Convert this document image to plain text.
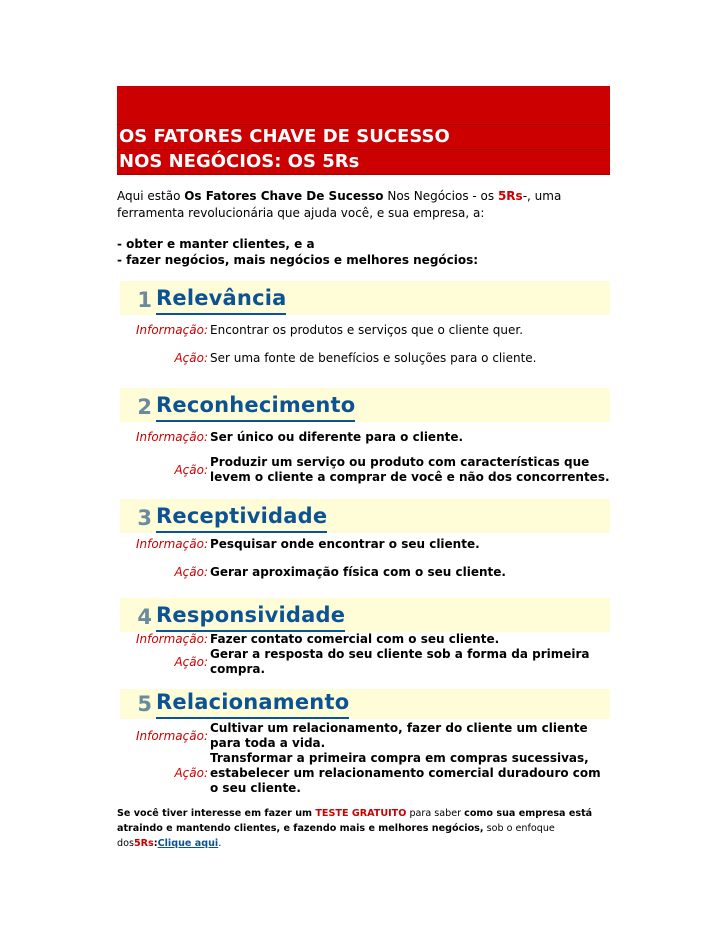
OS FATORES CHAVE DE SUCESSO
NOS NEGÓCIOS: OS 5Rs
Aqui estão Os Fatores Chave De Sucesso Nos Negócios - os 5Rs-, uma ferramenta revolucionária que ajuda você, e sua empresa, a:
- obter e manter clientes, e a
- fazer negócios, mais negócios e melhores negócios:
1 Relevância
Informação: Encontrar os produtos e serviços que o cliente quer.
Ação: Ser uma fonte de benefícios e soluções para o cliente.
2 Reconhecimento
Informação: Ser único ou diferente para o cliente.
Ação:
Produzir um serviço ou produto com características que levem o cliente a comprar de você e não dos concorrentes.
3 Receptividade
Informação: Pesquisar onde encontrar o seu cliente.
Ação: Gerar aproximação física com o seu cliente.
4 Responsividade
Informação: Fazer contato comercial com o seu cliente.
Ação:
Gerar a resposta do seu cliente sob a forma da primeira compra.
5 Relacionamento
Informação:
Cultivar um relacionamento, fazer do cliente um cliente para toda a vida.
Ação:
Transformar a primeira compra em compras sucessivas, estabelecer um relacionamento comercial duradouro com o seu cliente.
Se você tiver interesse em fazer um TESTE GRATUITO para saber como sua empresa está atraindo e mantendo clientes, e fazendo mais e melhores negócios, sob o enfoque dos5Rs:Clique aqui.
